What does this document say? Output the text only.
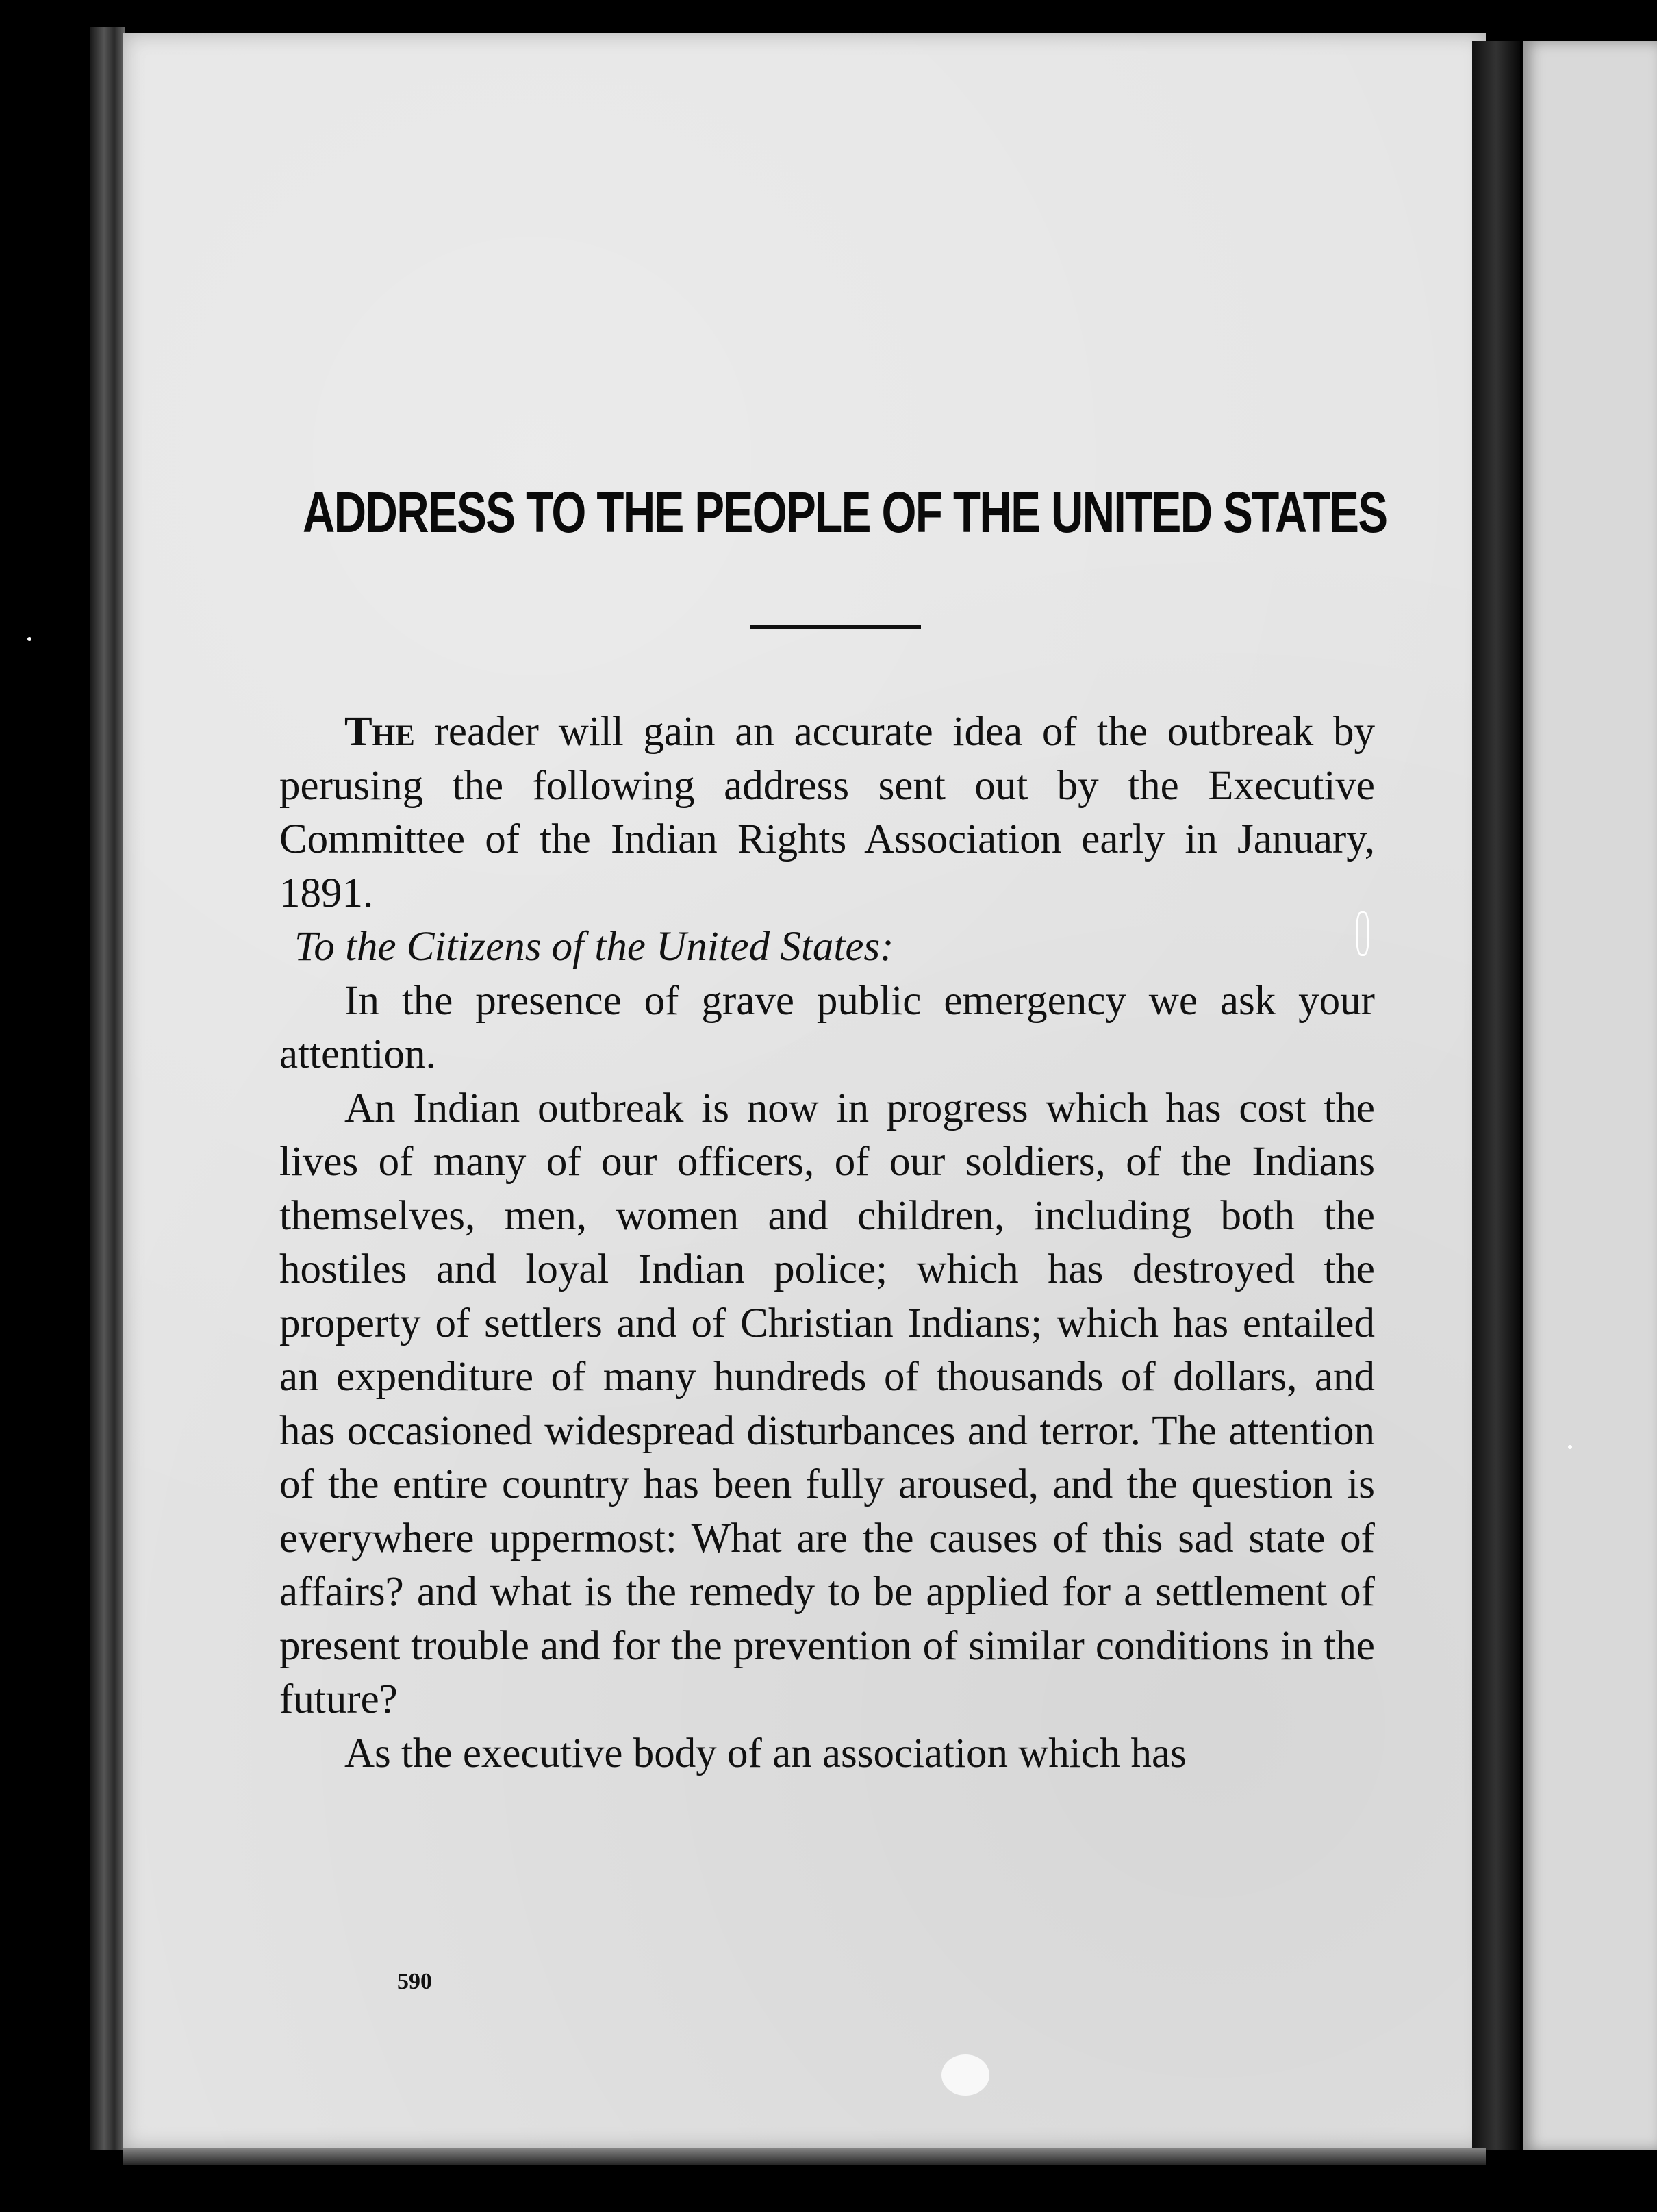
ADDRESS TO THE PEOPLE OF THE UNITED STATES

The reader will gain an accurate idea of the outbreak by perusing the following address sent out by the Executive Committee of the Indian Rights Association early in January, 1891.

To the Citizens of the United States:

In the presence of grave public emergency we ask your attention.

An Indian outbreak is now in progress which has cost the lives of many of our officers, of our soldiers, of the Indians themselves, men, women and children, including both the hostiles and loyal Indian police; which has destroyed the property of settlers and of Christian Indians; which has entailed an expenditure of many hundreds of thousands of dollars, and has occasioned widespread disturbances and terror. The attention of the entire country has been fully aroused, and the question is everywhere uppermost: What are the causes of this sad state of affairs? and what is the remedy to be applied for a settlement of present trouble and for the prevention of similar conditions in the future?

As the executive body of an association which has

590
